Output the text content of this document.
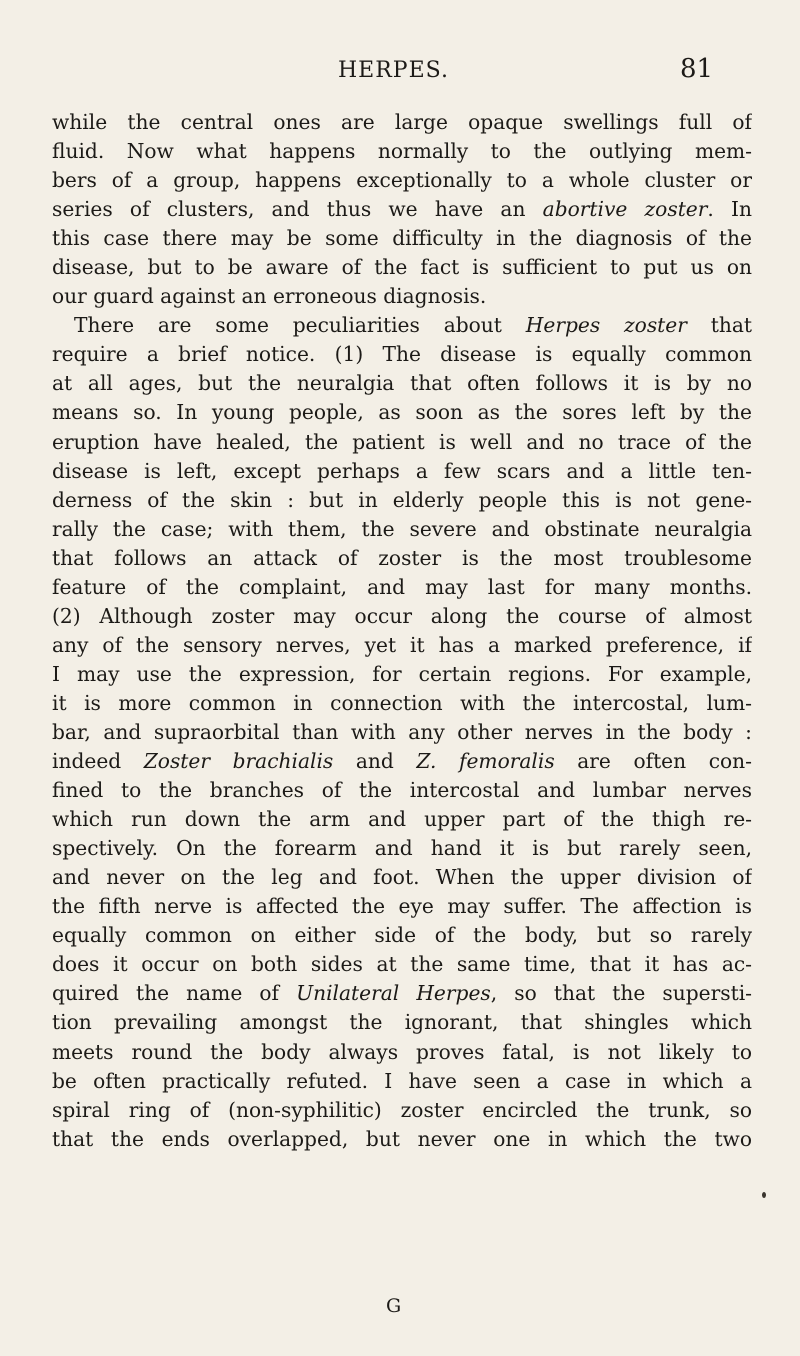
HERPES.	81
while the central ones are large opaque swellings full of
fluid. Now what happens normally to the outlying mem-
bers of a group, happens exceptionally to a whole cluster or
series of clusters, and thus we have an abortive zoster. In
this case there may be some difficulty in the diagnosis of the
disease, but to be aware of the fact is sufficient to put us on
our guard against an erroneous diagnosis.
There are some peculiarities about Herpes zoster that
require a brief notice. (1) The disease is equally common
at all ages, but the neuralgia that often follows it is by no
means so. In young people, as soon as the sores left by the
eruption have healed, the patient is well and no trace of the
disease is left, except perhaps a few scars and a little ten-
derness of the skin : but in elderly people this is not gene-
rally the case; with them, the severe and obstinate neuralgia
that follows an attack of zoster is the most troublesome
feature of the complaint, and may last for many months.
(2) Although zoster may occur along the course of almost
any of the sensory nerves, yet it has a marked preference, if
I may use the expression, for certain regions. For example,
it is more common in connection with the intercostal, lum-
bar, and supraorbital than with any other nerves in the body :
indeed Zoster brachialis and Z. femoralis are often con-
fined to the branches of the intercostal and lumbar nerves
which run down the arm and upper part of the thigh re-
spectively. On the forearm and hand it is but rarely seen,
and never on the leg and foot. When the upper division of
the fifth nerve is affected the eye may suffer. The affection is
equally common on either side of the body, but so rarely
does it occur on both sides at the same time, that it has ac-
quired the name of Unilateral Herpes, so that the supersti-
tion prevailing amongst the ignorant, that shingles which
meets round the body always proves fatal, is not likely to
be often practically refuted. I have seen a case in which a
spiral ring of (non-syphilitic) zoster encircled the trunk, so
that the ends overlapped, but never one in which the two
G
